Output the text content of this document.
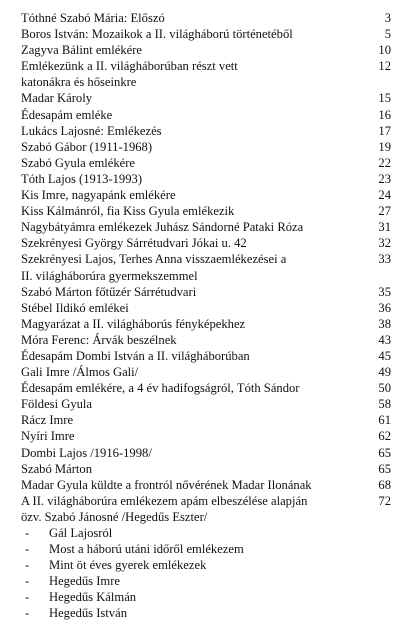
Tóthné Szabó Mária: Előszó	3
Boros István: Mozaikok a II. világháború történetéből	5
Zagyva Bálint emlékére	10
Emlékezünk a II. világháborúban részt vett	12
katonákra és hőseinkre
Madar Károly	15
Édesapám emléke	16
Lukács Lajosné: Emlékezés	17
Szabó Gábor (1911-1968)	19
Szabó Gyula emlékére	22
Tóth Lajos (1913-1993)	23
Kis Imre, nagyapánk emlékére	24
Kiss Kálmánról, fia Kiss Gyula emlékezik	27
Nagybátyámra emlékezek Juhász Sándorné Pataki Róza	31
Szekrényesi György Sárrétudvari Jókai u. 42	32
Szekrényesi Lajos, Terhes Anna visszaemlékezései a	33
II. világháborúra gyermekszemmel
Szabó Márton főtűzér Sárrétudvari	35
Stébel Ildikó emlékei	36
Magyarázat a II. világháborús fényképekhez	38
Móra Ferenc: Árvák beszélnek	43
Édesapám Dombi István a II. világháborúban	45
Gali Imre /Álmos Gali/	49
Édesapám emlékére, a 4 év hadifogságról, Tóth Sándor	50
Földesi Gyula	58
Rácz Imre	61
Nyíri Imre	62
Dombi Lajos /1916-1998/	65
Szabó Márton	65
Madar Gyula küldte a frontról nővérének Madar Ilonának	68
A II. világháborúra emlékezem apám elbeszélése alapján	72
özv. Szabó Jánosné /Hegedűs Eszter/
-	Gál Lajosról
-	Most a háború utáni időről emlékezem
-	Mint öt éves gyerek emlékezek
-	Hegedűs Imre
-	Hegedűs Kálmán
-	Hegedűs István
